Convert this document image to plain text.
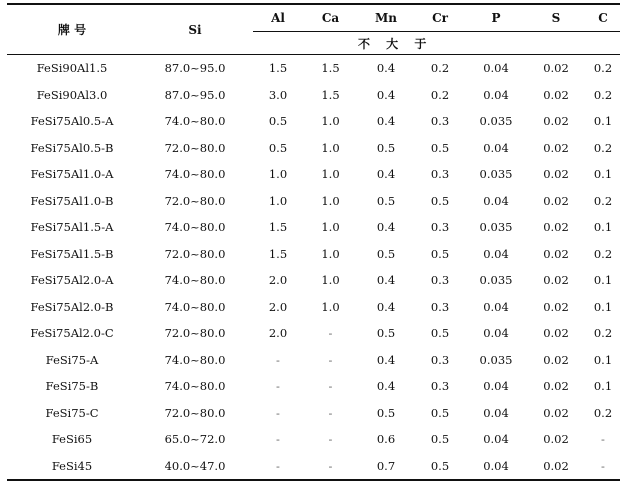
牌 号	Si	Al	Ca	Mn	Cr	P	S	C
				不 大 于				
FeSi90Al1.5	87.0~95.0	1.5	1.5	0.4	0.2	0.04	0.02	0.2
FeSi90Al3.0	87.0~95.0	3.0	1.5	0.4	0.2	0.04	0.02	0.2
FeSi75Al0.5-A	74.0~80.0	0.5	1.0	0.4	0.3	0.035	0.02	0.1
FeSi75Al0.5-B	72.0~80.0	0.5	1.0	0.5	0.5	0.04	0.02	0.2
FeSi75Al1.0-A	74.0~80.0	1.0	1.0	0.4	0.3	0.035	0.02	0.1
FeSi75Al1.0-B	72.0~80.0	1.0	1.0	0.5	0.5	0.04	0.02	0.2
FeSi75Al1.5-A	74.0~80.0	1.5	1.0	0.4	0.3	0.035	0.02	0.1
FeSi75Al1.5-B	72.0~80.0	1.5	1.0	0.5	0.5	0.04	0.02	0.2
FeSi75Al2.0-A	74.0~80.0	2.0	1.0	0.4	0.3	0.035	0.02	0.1
FeSi75Al2.0-B	74.0~80.0	2.0	1.0	0.4	0.3	0.04	0.02	0.1
FeSi75Al2.0-C	72.0~80.0	2.0	-	0.5	0.5	0.04	0.02	0.2
FeSi75-A	74.0~80.0	-	-	0.4	0.3	0.035	0.02	0.1
FeSi75-B	74.0~80.0	-	-	0.4	0.3	0.04	0.02	0.1
FeSi75-C	72.0~80.0	-	-	0.5	0.5	0.04	0.02	0.2
FeSi65	65.0~72.0	-	-	0.6	0.5	0.04	0.02	-
FeSi45	40.0~47.0	-	-	0.7	0.5	0.04	0.02	-
